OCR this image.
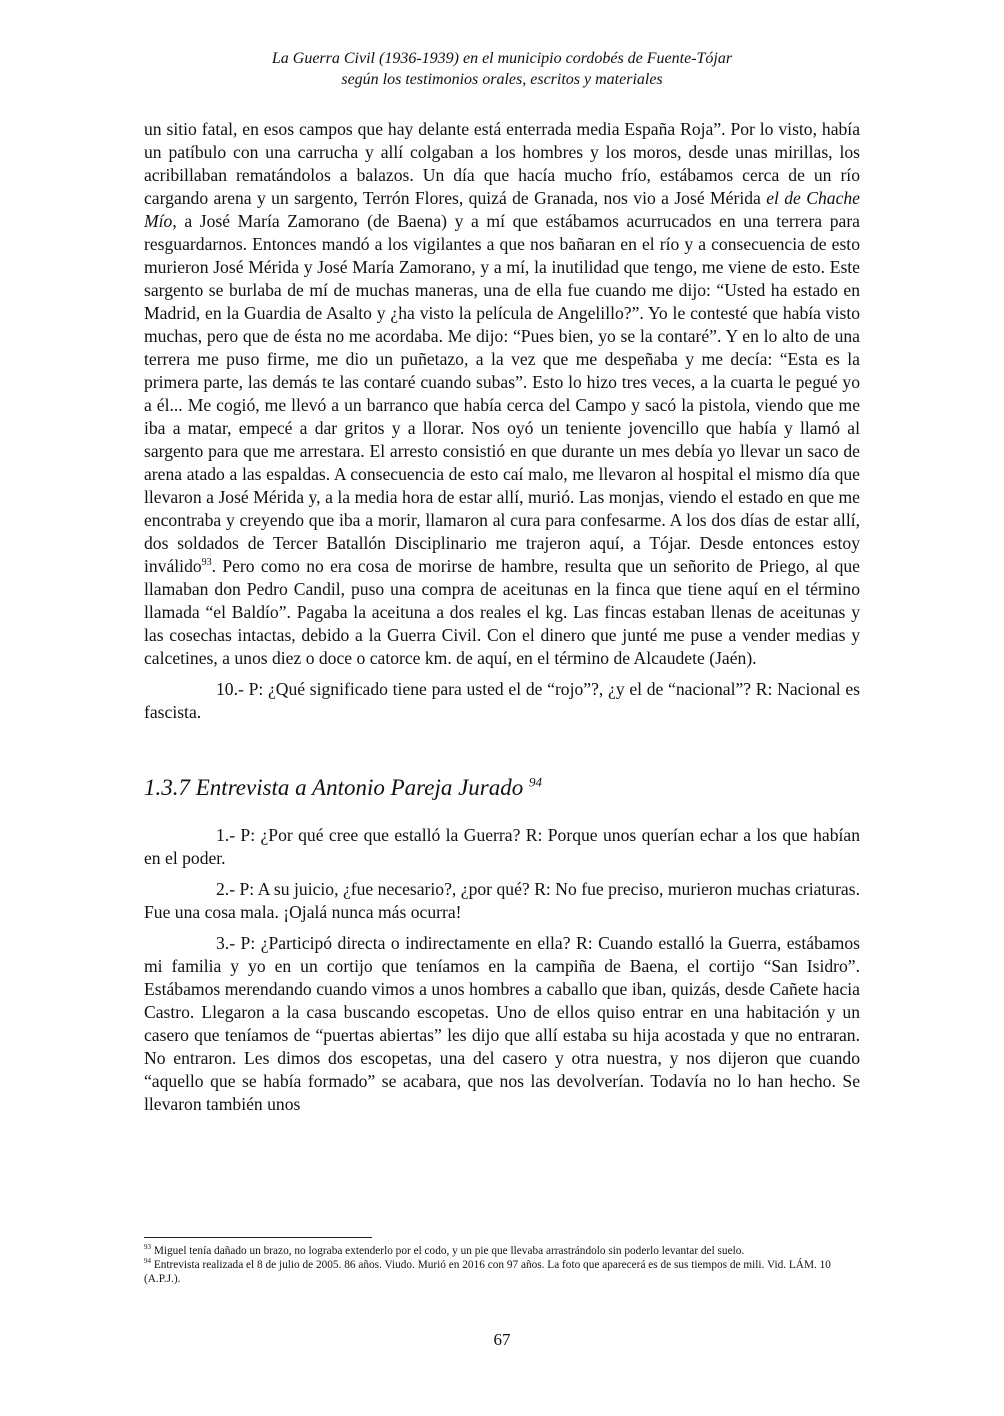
La Guerra Civil (1936-1939) en el municipio cordobés de Fuente-Tójar
según los testimonios orales, escritos y materiales

un sitio fatal, en esos campos que hay delante está enterrada media España Roja”. Por lo visto, había un patíbulo con una carrucha y allí colgaban a los hombres y los moros, desde unas mirillas, los acribillaban rematándolos a balazos. Un día que hacía mucho frío, estábamos cerca de un río cargando arena y un sargento, Terrón Flores, quizá de Granada, nos vio a José Mérida el de Chache Mío, a José María Zamorano (de Baena) y a mí que estábamos acurrucados en una terrera para resguardarnos. Entonces mandó a los vigilantes a que nos bañaran en el río y a consecuencia de esto murieron José Mérida y José María Zamorano, y a mí, la inutilidad que tengo, me viene de esto. Este sargento se burlaba de mí de muchas maneras, una de ella fue cuando me dijo: “Usted ha estado en Madrid, en la Guardia de Asalto y ¿ha visto la película de Angelillo?”. Yo le contesté que había visto muchas, pero que de ésta no me acordaba. Me dijo: “Pues bien, yo se la contaré”. Y en lo alto de una terrera me puso firme, me dio un puñetazo, a la vez que me despeñaba y me decía: “Esta es la primera parte, las demás te las contaré cuando subas”. Esto lo hizo tres veces, a la cuarta le pegué yo a él... Me cogió, me llevó a un barranco que había cerca del Campo y sacó la pistola, viendo que me iba a matar, empecé a dar gritos y a llorar. Nos oyó un teniente jovencillo que había y llamó al sargento para que me arrestara. El arresto consistió en que durante un mes debía yo llevar un saco de arena atado a las espaldas. A consecuencia de esto caí malo, me llevaron al hospital el mismo día que llevaron a José Mérida y, a la media hora de estar allí, murió. Las monjas, viendo el estado en que me encontraba y creyendo que iba a morir, llamaron al cura para confesarme. A los dos días de estar allí, dos soldados de Tercer Batallón Disciplinario me trajeron aquí, a Tójar. Desde entonces estoy inválido$^{93}$. Pero como no era cosa de morirse de hambre, resulta que un señorito de Priego, al que llamaban don Pedro Candil, puso una compra de aceitunas en la finca que tiene aquí en el término llamada “el Baldío”. Pagaba la aceituna a dos reales el kg. Las fincas estaban llenas de aceitunas y las cosechas intactas, debido a la Guerra Civil. Con el dinero que junté me puse a vender medias y calcetines, a unos diez o doce o catorce km. de aquí, en el término de Alcaudete (Jaén).

10.- P: ¿Qué significado tiene para usted el de “rojo”?, ¿y el de “nacional”? R: Nacional es fascista.

1.3.7 Entrevista a Antonio Pareja Jurado $^{94}$

1.- P: ¿Por qué cree que estalló la Guerra? R: Porque unos querían echar a los que habían en el poder.

2.- P: A su juicio, ¿fue necesario?, ¿por qué? R: No fue preciso, murieron muchas criaturas. Fue una cosa mala. ¡Ojalá nunca más ocurra!

3.- P: ¿Participó directa o indirectamente en ella? R: Cuando estalló la Guerra, estábamos mi familia y yo en un cortijo que teníamos en la campiña de Baena, el cortijo “San Isidro”. Estábamos merendando cuando vimos a unos hombres a caballo que iban, quizás, desde Cañete hacia Castro. Llegaron a la casa buscando escopetas. Uno de ellos quiso entrar en una habitación y un casero que teníamos de “puertas abiertas” les dijo que allí estaba su hija acostada y que no entraran. No entraron. Les dimos dos escopetas, una del casero y otra nuestra, y nos dijeron que cuando “aquello que se había formado” se acabara, que nos las devolverían. Todavía no lo han hecho. Se llevaron también unos

$^{93}$ Miguel tenía dañado un brazo, no lograba extenderlo por el codo, y un pie que llevaba arrastrándolo sin poderlo levantar del suelo.

$^{94}$ Entrevista realizada el 8 de julio de 2005. 86 años. Viudo. Murió en 2016 con 97 años. La foto que aparecerá es de sus tiempos de mili. Vid. LÁM. 10 (A.P.J.).

67
